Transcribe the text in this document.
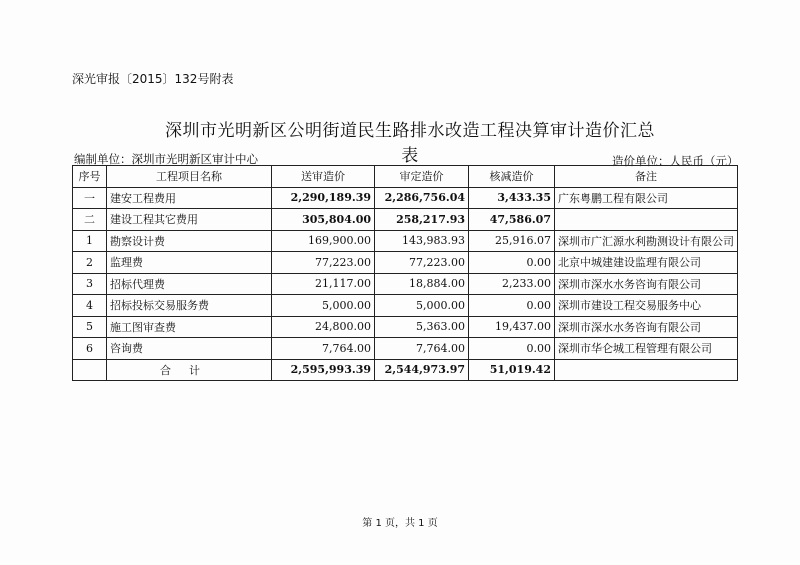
深光审报〔2015〕132号附表
深圳市光明新区公明街道民生路排水改造工程决算审计造价汇总表
编制单位：深圳市光明新区审计中心	造价单位：人民币（元）
序号	工程项目名称	送审造价	审定造价	核减造价	备注
一	建安工程费用	2,290,189.39	2,286,756.04	3,433.35	广东粤鹏工程有限公司
二	建设工程其它费用	305,804.00	258,217.93	47,586.07	
1	勘察设计费	169,900.00	143,983.93	25,916.07	深圳市广汇源水利勘测设计有限公司
2	监理费	77,223.00	77,223.00	0.00	北京中城建建设监理有限公司
3	招标代理费	21,117.00	18,884.00	2,233.00	深圳市深水水务咨询有限公司
4	招标投标交易服务费	5,000.00	5,000.00	0.00	深圳市建设工程交易服务中心
5	施工图审查费	24,800.00	5,363.00	19,437.00	深圳市深水水务咨询有限公司
6	咨询费	7,764.00	7,764.00	0.00	深圳市华仑城工程管理有限公司
	合计	2,595,993.39	2,544,973.97	51,019.42	
第 1 页，共 1 页
